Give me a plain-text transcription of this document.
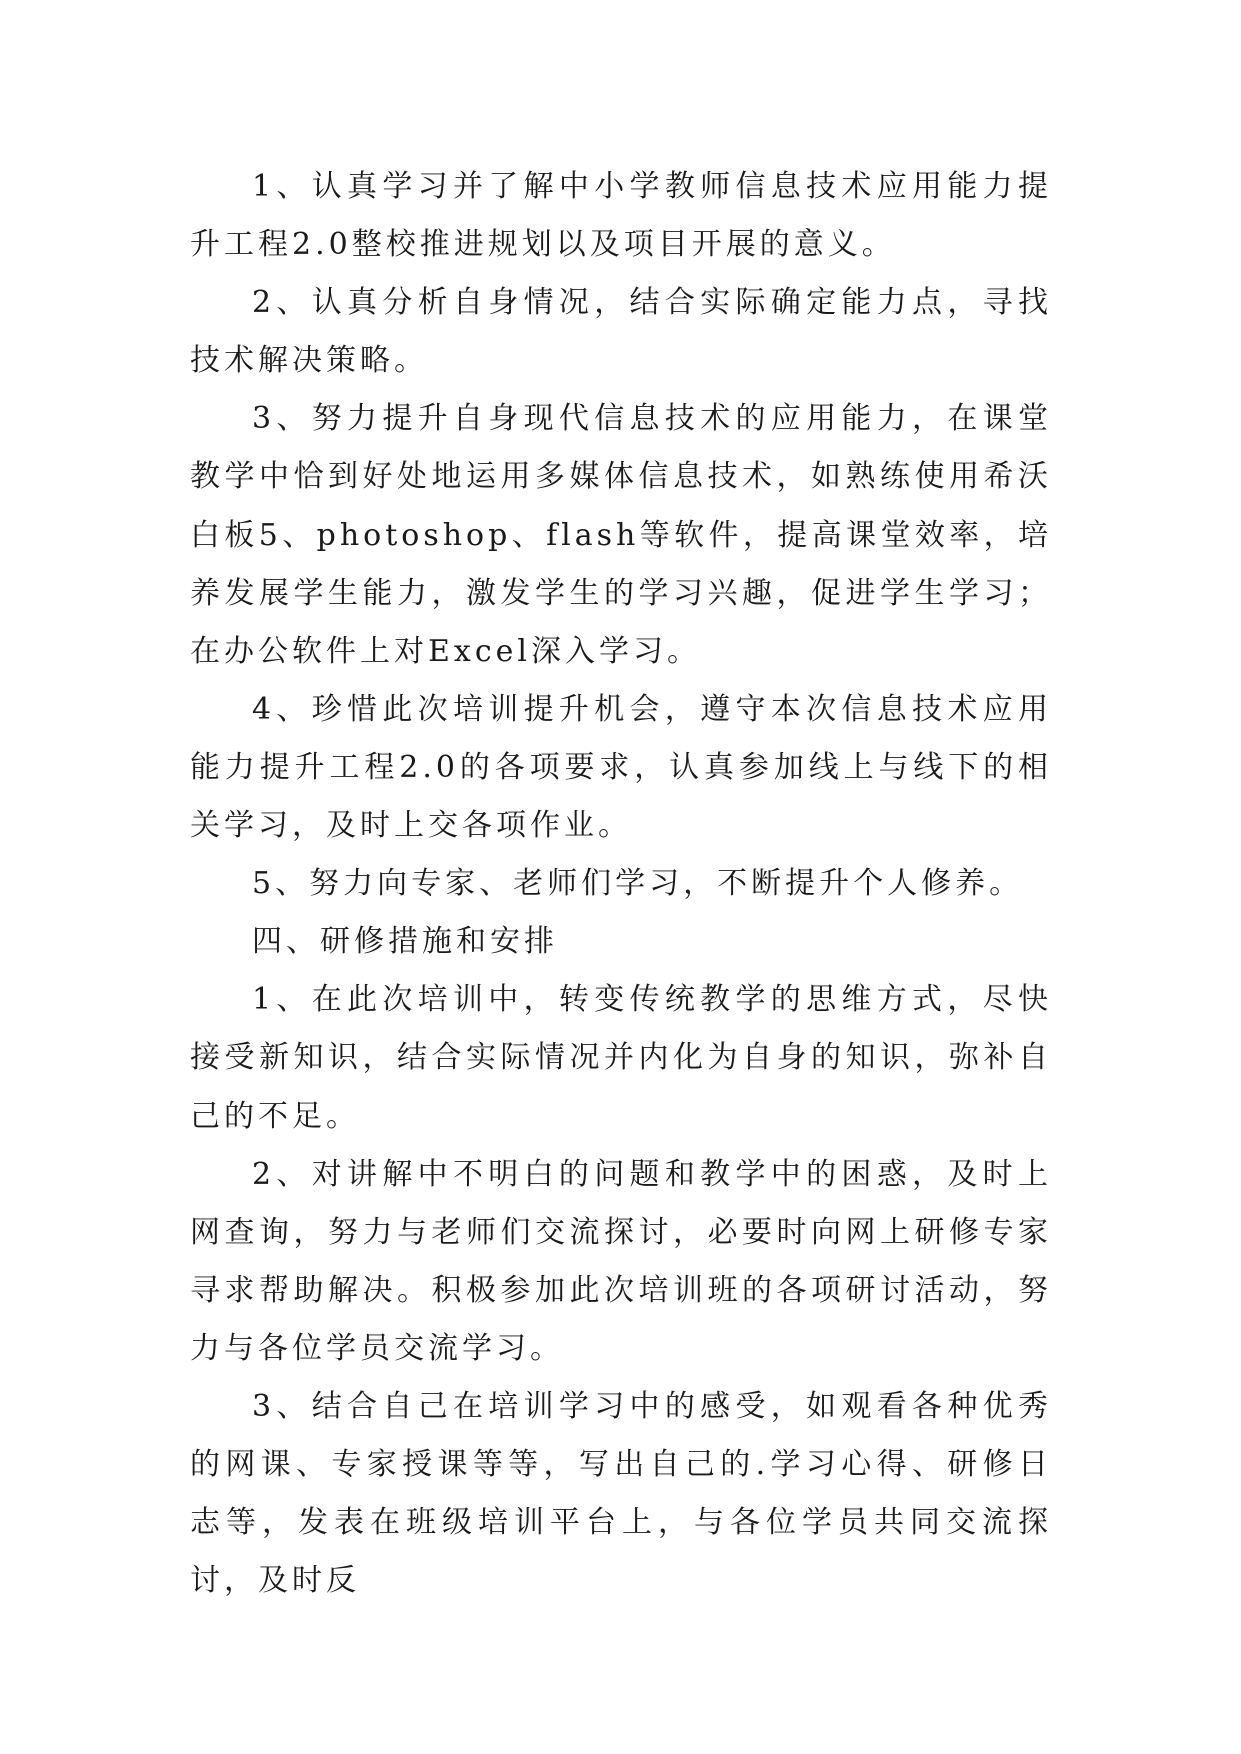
1、认真学习并了解中小学教师信息技术应用能力提升工程2.0整校推进规划以及项目开展的意义。

2、认真分析自身情况，结合实际确定能力点，寻找技术解决策略。

3、努力提升自身现代信息技术的应用能力，在课堂教学中恰到好处地运用多媒体信息技术，如熟练使用希沃白板5、photoshop、flash等软件，提高课堂效率，培养发展学生能力，激发学生的学习兴趣，促进学生学习；在办公软件上对Excel深入学习。

4、珍惜此次培训提升机会，遵守本次信息技术应用能力提升工程2.0的各项要求，认真参加线上与线下的相关学习，及时上交各项作业。

5、努力向专家、老师们学习，不断提升个人修养。

四、研修措施和安排

1、在此次培训中，转变传统教学的思维方式，尽快接受新知识，结合实际情况并内化为自身的知识，弥补自己的不足。

2、对讲解中不明白的问题和教学中的困惑，及时上网查询，努力与老师们交流探讨，必要时向网上研修专家寻求帮助解决。积极参加此次培训班的各项研讨活动，努力与各位学员交流学习。

3、结合自己在培训学习中的感受，如观看各种优秀的网课、专家授课等等，写出自己的.学习心得、研修日志等，发表在班级培训平台上，与各位学员共同交流探讨，及时反
